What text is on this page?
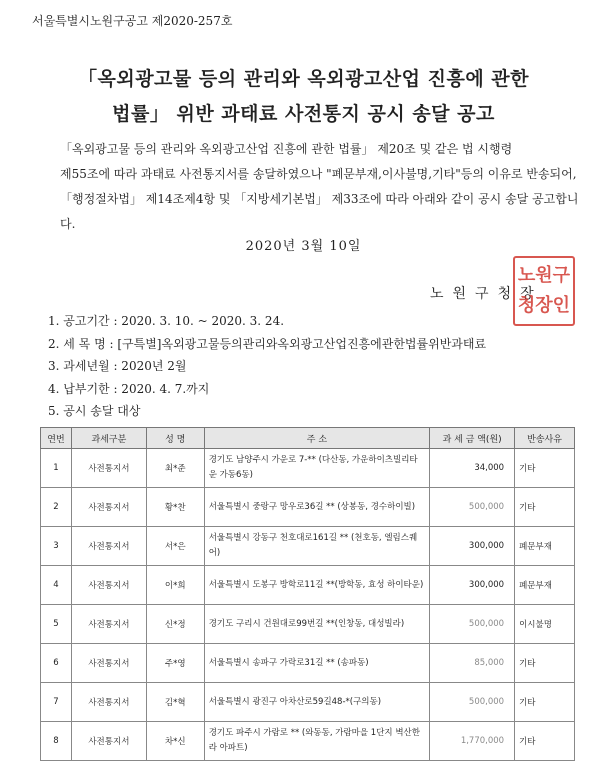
서울특별시노원구공고 제2020-257호
「옥외광고물 등의 관리와 옥외광고산업 진흥에 관한
법률」 위반 과태료 사전통지 공시 송달 공고

「옥외광고물 등의 관리와 옥외광고산업 진흥에 관한 법률」 제20조 및 같은 법 시행령

제55조에 따라 과태료 사전통지서를 송달하였으나 "폐문부재,이사불명,기타"등의 이유로 반송되어,

「행정절차법」 제14조제4항 및 「지방세기본법」 제33조에 따라 아래와 같이 공시 송달 공고합니다.

2020년 3월 10일
노원구청장
노원구
청장인
1. 공고기간 : 2020. 3. 10. ~ 2020. 3. 24.
2. 세 목 명 : [구특별]옥외광고물등의관리와옥외광고산업진흥에관한법률위반과태료
3. 과세년월 : 2020년 2월
4. 납부기한 : 2020. 4. 7.까지
5. 공시 송달 대상
연번	과세구분	성 명	주 소	과 세 금 액(원)	반송사유
1	사전통지서	최*준	경기도 남양주시 가운로 7-** (다산동, 가운하이츠빌리타운 가동6동)	34,000	기타
2	사전통지서	황*찬	서울특별시 중랑구 망우로36길 ** (상봉동, 경수하이빌)	500,000	기타
3	사전통지서	서*은	서울특별시 강동구 천호대로161길 ** (천호동, 엘림스퀘어)	300,000	폐문부재
4	사전통지서	이*희	서울특별시 도봉구 방학로11길 **(방학동, 효성 하이타운)	300,000	폐문부재
5	사전통지서	신*정	경기도 구리시 건원대로99번길 **(인창동, 대성빌라)	500,000	이시불명
6	사전통지서	주*영	서울특별시 송파구 가락로31길 ** (송파동)	85,000	기타
7	사전통지서	김*혁	서울특별시 광진구 아차산로59길48-*(구의동)	500,000	기타
8	사전통지서	차*신	경기도 파주시 가람로 ** (와동동, 가람마을 1단지 벽산한라 아파트)	1,770,000	기타
